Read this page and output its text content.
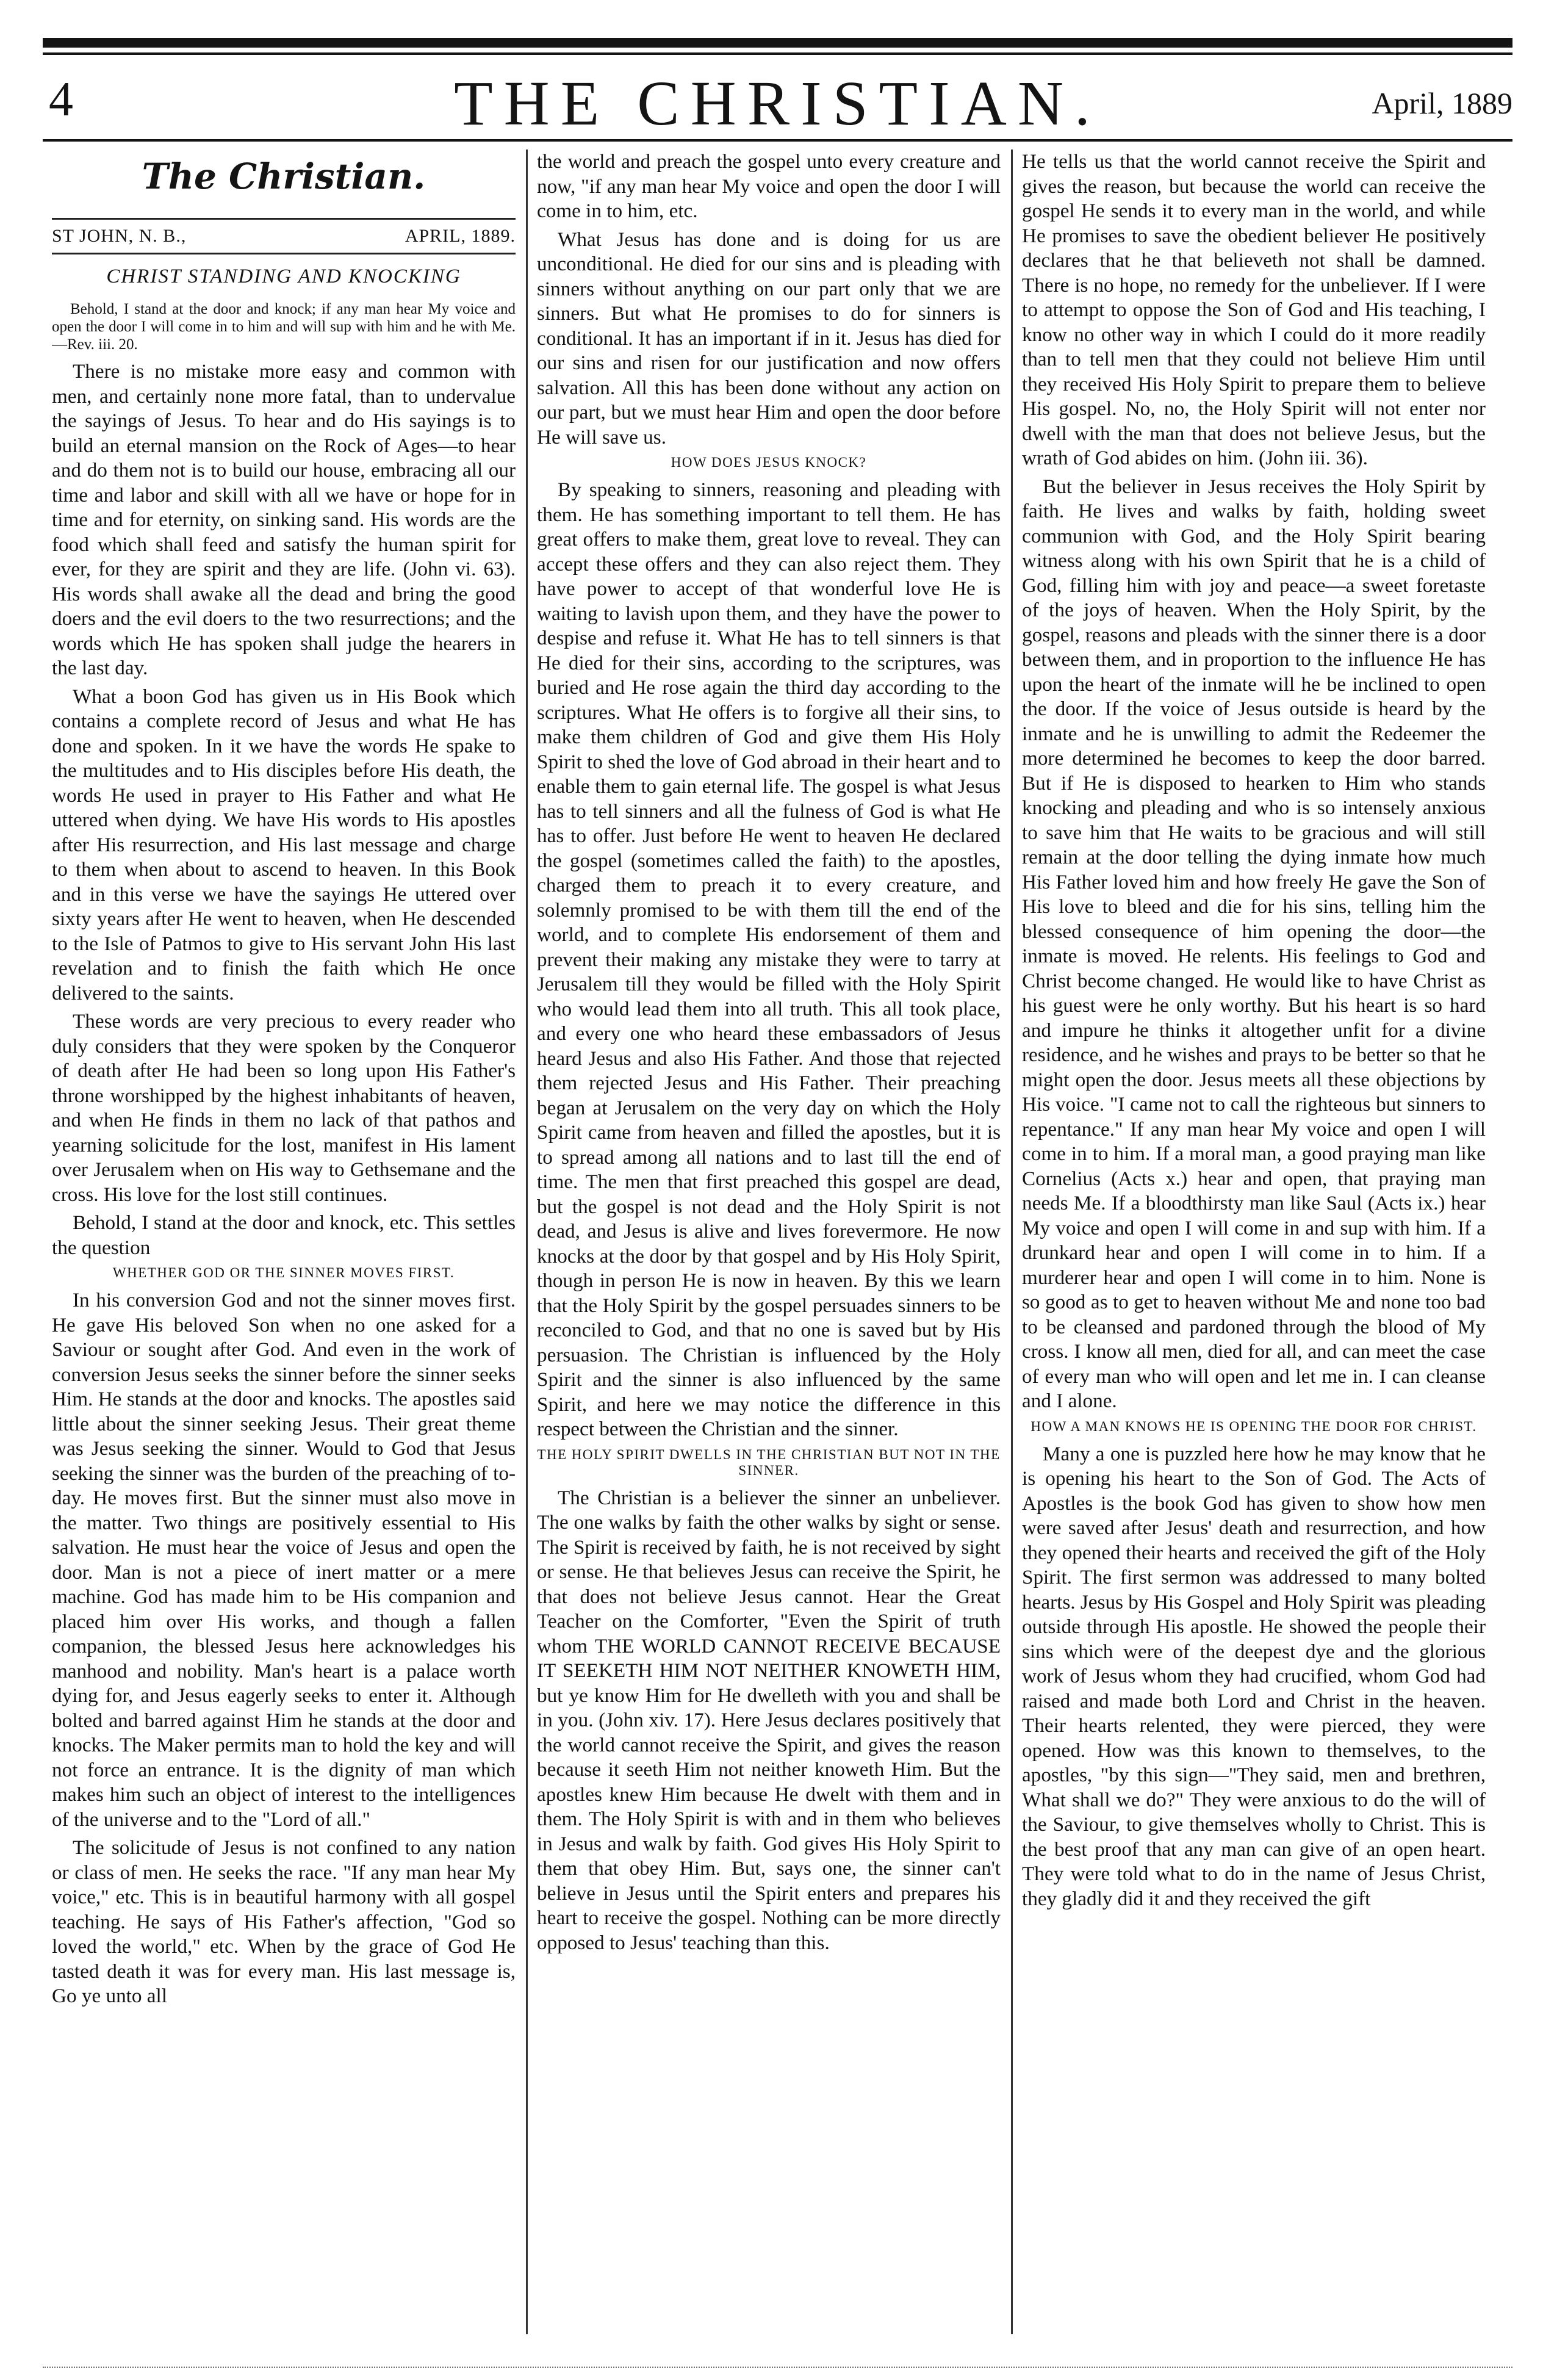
4	THE CHRISTIAN.	April, 1889
The Christian.
ST JOHN, N. B.,	APRIL, 1889.
CHRIST STANDING AND KNOCKING

Behold, I stand at the door and knock; if any man hear My voice and open the door I will come in to him and will sup with him and he with Me.—Rev. iii. 20.

There is no mistake more easy and common with men, and certainly none more fatal, than to undervalue the sayings of Jesus. To hear and do His sayings is to build an eternal mansion on the Rock of Ages—to hear and do them not is to build our house, embracing all our time and labor and skill with all we have or hope for in time and for eternity, on sinking sand. His words are the food which shall feed and satisfy the human spirit for ever, for they are spirit and they are life. (John vi. 63). His words shall awake all the dead and bring the good doers and the evil doers to the two resurrections; and the words which He has spoken shall judge the hearers in the last day.

What a boon God has given us in His Book which contains a complete record of Jesus and what He has done and spoken. In it we have the words He spake to the multitudes and to His disciples before His death, the words He used in prayer to His Father and what He uttered when dying. We have His words to His apostles after His resurrection, and His last message and charge to them when about to ascend to heaven. In this Book and in this verse we have the sayings He uttered over sixty years after He went to heaven, when He descended to the Isle of Patmos to give to His servant John His last revelation and to finish the faith which He once delivered to the saints.

These words are very precious to every reader who duly considers that they were spoken by the Conqueror of death after He had been so long upon His Father's throne worshipped by the highest inhabitants of heaven, and when He finds in them no lack of that pathos and yearning solicitude for the lost, manifest in His lament over Jerusalem when on His way to Gethsemane and the cross. His love for the lost still continues.

Behold, I stand at the door and knock, etc. This settles the question

WHETHER GOD OR THE SINNER MOVES FIRST.

In his conversion God and not the sinner moves first. He gave His beloved Son when no one asked for a Saviour or sought after God. And even in the work of conversion Jesus seeks the sinner before the sinner seeks Him. He stands at the door and knocks. The apostles said little about the sinner seeking Jesus. Their great theme was Jesus seeking the sinner. Would to God that Jesus seeking the sinner was the burden of the preaching of to-day. He moves first. But the sinner must also move in the matter. Two things are positively essential to His salvation. He must hear the voice of Jesus and open the door. Man is not a piece of inert matter or a mere machine. God has made him to be His companion and placed him over His works, and though a fallen companion, the blessed Jesus here acknowledges his manhood and nobility. Man's heart is a palace worth dying for, and Jesus eagerly seeks to enter it. Although bolted and barred against Him he stands at the door and knocks. The Maker permits man to hold the key and will not force an entrance. It is the dignity of man which makes him such an object of interest to the intelligences of the universe and to the "Lord of all."

The solicitude of Jesus is not confined to any nation or class of men. He seeks the race. "If any man hear My voice," etc. This is in beautiful harmony with all gospel teaching. He says of His Father's affection, "God so loved the world," etc. When by the grace of God He tasted death it was for every man. His last message is, Go ye unto all

the world and preach the gospel unto every creature and now, "if any man hear My voice and open the door I will come in to him, etc.

What Jesus has done and is doing for us are unconditional. He died for our sins and is pleading with sinners without anything on our part only that we are sinners. But what He promises to do for sinners is conditional. It has an important if in it. Jesus has died for our sins and risen for our justification and now offers salvation. All this has been done without any action on our part, but we must hear Him and open the door before He will save us.

HOW DOES JESUS KNOCK?

By speaking to sinners, reasoning and pleading with them. He has something important to tell them. He has great offers to make them, great love to reveal. They can accept these offers and they can also reject them. They have power to accept of that wonderful love He is waiting to lavish upon them, and they have the power to despise and refuse it. What He has to tell sinners is that He died for their sins, according to the scriptures, was buried and He rose again the third day according to the scriptures. What He offers is to forgive all their sins, to make them children of God and give them His Holy Spirit to shed the love of God abroad in their heart and to enable them to gain eternal life. The gospel is what Jesus has to tell sinners and all the fulness of God is what He has to offer. Just before He went to heaven He declared the gospel (sometimes called the faith) to the apostles, charged them to preach it to every creature, and solemnly promised to be with them till the end of the world, and to complete His endorsement of them and prevent their making any mistake they were to tarry at Jerusalem till they would be filled with the Holy Spirit who would lead them into all truth. This all took place, and every one who heard these embassadors of Jesus heard Jesus and also His Father. And those that rejected them rejected Jesus and His Father. Their preaching began at Jerusalem on the very day on which the Holy Spirit came from heaven and filled the apostles, but it is to spread among all nations and to last till the end of time. The men that first preached this gospel are dead, but the gospel is not dead and the Holy Spirit is not dead, and Jesus is alive and lives forevermore. He now knocks at the door by that gospel and by His Holy Spirit, though in person He is now in heaven. By this we learn that the Holy Spirit by the gospel persuades sinners to be reconciled to God, and that no one is saved but by His persuasion. The Christian is influenced by the Holy Spirit and the sinner is also influenced by the same Spirit, and here we may notice the difference in this respect between the Christian and the sinner.

THE HOLY SPIRIT DWELLS IN THE CHRISTIAN BUT NOT IN THE SINNER.

The Christian is a believer the sinner an unbeliever. The one walks by faith the other walks by sight or sense. The Spirit is received by faith, he is not received by sight or sense. He that believes Jesus can receive the Spirit, he that does not believe Jesus cannot. Hear the Great Teacher on the Comforter, "Even the Spirit of truth whom THE WORLD CANNOT RECEIVE BECAUSE IT SEEKETH HIM NOT NEITHER KNOWETH HIM, but ye know Him for He dwelleth with you and shall be in you. (John xiv. 17). Here Jesus declares positively that the world cannot receive the Spirit, and gives the reason because it seeth Him not neither knoweth Him. But the apostles knew Him because He dwelt with them and in them. The Holy Spirit is with and in them who believes in Jesus and walk by faith. God gives His Holy Spirit to them that obey Him. But, says one, the sinner can't believe in Jesus until the Spirit enters and prepares his heart to receive the gospel. Nothing can be more directly opposed to Jesus' teaching than this.

He tells us that the world cannot receive the Spirit and gives the reason, but because the world can receive the gospel He sends it to every man in the world, and while He promises to save the obedient believer He positively declares that he that believeth not shall be damned. There is no hope, no remedy for the unbeliever. If I were to attempt to oppose the Son of God and His teaching, I know no other way in which I could do it more readily than to tell men that they could not believe Him until they received His Holy Spirit to prepare them to believe His gospel. No, no, the Holy Spirit will not enter nor dwell with the man that does not believe Jesus, but the wrath of God abides on him. (John iii. 36).

But the believer in Jesus receives the Holy Spirit by faith. He lives and walks by faith, holding sweet communion with God, and the Holy Spirit bearing witness along with his own Spirit that he is a child of God, filling him with joy and peace—a sweet foretaste of the joys of heaven. When the Holy Spirit, by the gospel, reasons and pleads with the sinner there is a door between them, and in proportion to the influence He has upon the heart of the inmate will he be inclined to open the door. If the voice of Jesus outside is heard by the inmate and he is unwilling to admit the Redeemer the more determined he becomes to keep the door barred. But if He is disposed to hearken to Him who stands knocking and pleading and who is so intensely anxious to save him that He waits to be gracious and will still remain at the door telling the dying inmate how much His Father loved him and how freely He gave the Son of His love to bleed and die for his sins, telling him the blessed consequence of him opening the door—the inmate is moved. He relents. His feelings to God and Christ become changed. He would like to have Christ as his guest were he only worthy. But his heart is so hard and impure he thinks it altogether unfit for a divine residence, and he wishes and prays to be better so that he might open the door. Jesus meets all these objections by His voice. "I came not to call the righteous but sinners to repentance." If any man hear My voice and open I will come in to him. If a moral man, a good praying man like Cornelius (Acts x.) hear and open, that praying man needs Me. If a bloodthirsty man like Saul (Acts ix.) hear My voice and open I will come in and sup with him. If a drunkard hear and open I will come in to him. If a murderer hear and open I will come in to him. None is so good as to get to heaven without Me and none too bad to be cleansed and pardoned through the blood of My cross. I know all men, died for all, and can meet the case of every man who will open and let me in. I can cleanse and I alone.

HOW A MAN KNOWS HE IS OPENING THE DOOR FOR CHRIST.

Many a one is puzzled here how he may know that he is opening his heart to the Son of God. The Acts of Apostles is the book God has given to show how men were saved after Jesus' death and resurrection, and how they opened their hearts and received the gift of the Holy Spirit. The first sermon was addressed to many bolted hearts. Jesus by His Gospel and Holy Spirit was pleading outside through His apostle. He showed the people their sins which were of the deepest dye and the glorious work of Jesus whom they had crucified, whom God had raised and made both Lord and Christ in the heaven. Their hearts relented, they were pierced, they were opened. How was this known to themselves, to the apostles, "by this sign—"They said, men and brethren, What shall we do?" They were anxious to do the will of the Saviour, to give themselves wholly to Christ. This is the best proof that any man can give of an open heart. They were told what to do in the name of Jesus Christ, they gladly did it and they received the gift
